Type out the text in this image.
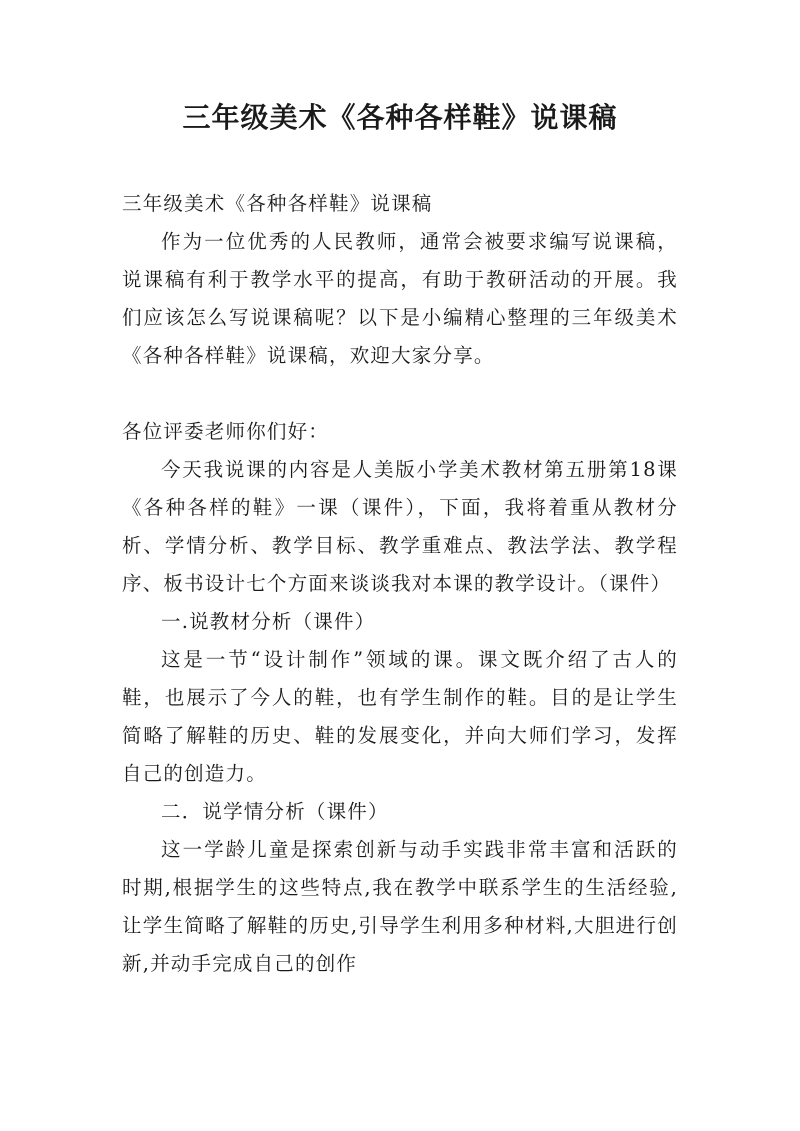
三年级美术《各种各样鞋》说课稿

三年级美术《各种各样鞋》说课稿

作为一位优秀的人民教师，通常会被要求编写说课稿，说课稿有利于教学水平的提高，有助于教研活动的开展。我们应该怎么写说课稿呢？以下是小编精心整理的三年级美术《各种各样鞋》说课稿，欢迎大家分享。

各位评委老师你们好：

今天我说课的内容是人美版小学美术教材第五册第18课《各种各样的鞋》一课（课件），下面，我将着重从教材分析、学情分析、教学目标、教学重难点、教法学法、教学程序、板书设计七个方面来谈谈我对本课的教学设计。（课件）

一.说教材分析（课件）

这是一节“设计制作”领域的课。课文既介绍了古人的鞋，也展示了今人的鞋，也有学生制作的鞋。目的是让学生简略了解鞋的历史、鞋的发展变化，并向大师们学习，发挥自己的创造力。

二．说学情分析（课件）

这一学龄儿童是探索创新与动手实践非常丰富和活跃的时期,根据学生的这些特点,我在教学中联系学生的生活经验,让学生简略了解鞋的历史,引导学生利用多种材料,大胆进行创新,并动手完成自己的创作
